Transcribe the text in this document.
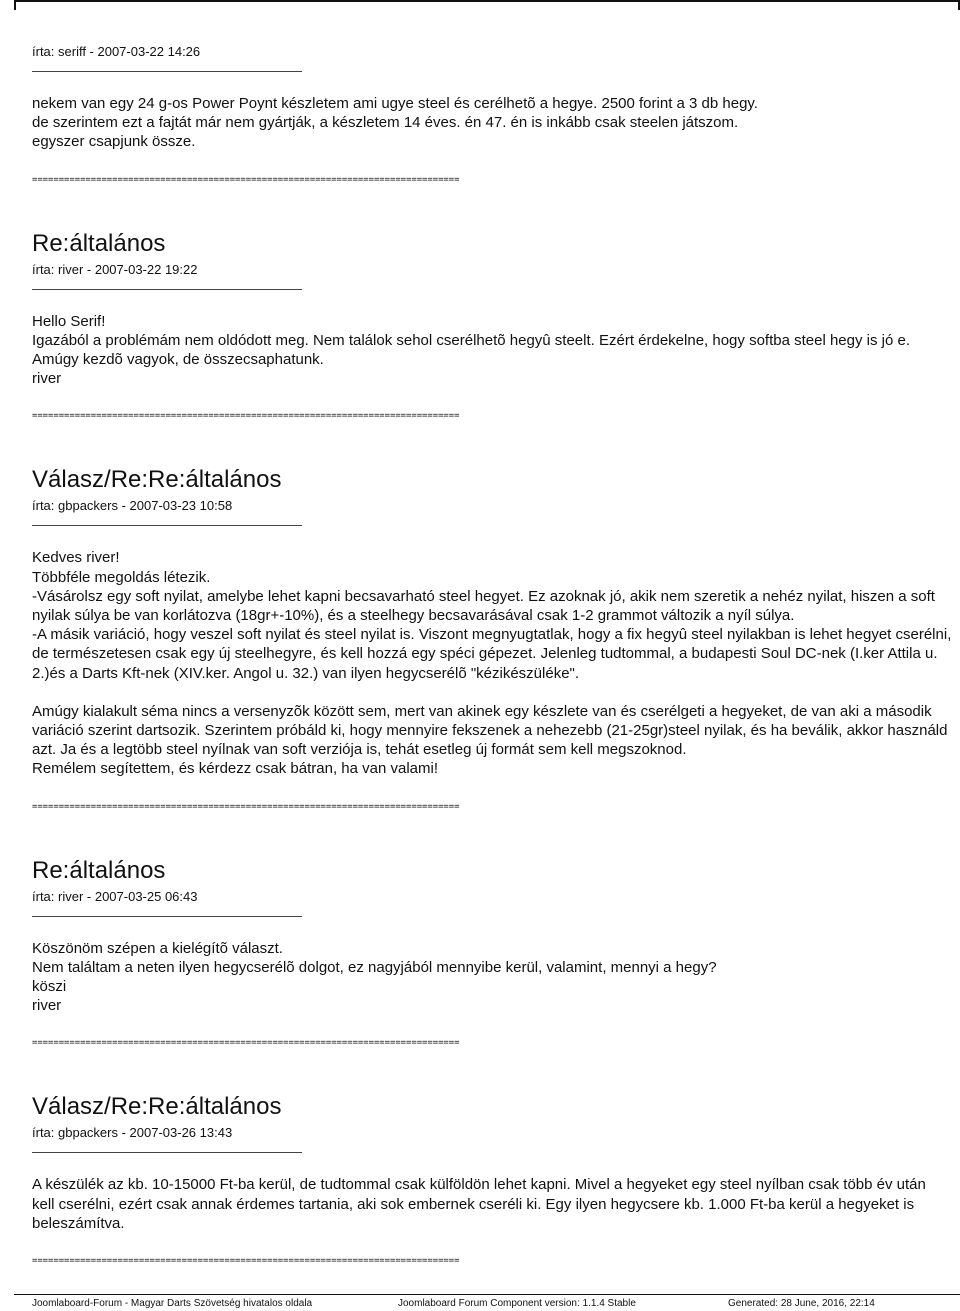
írta: seriff - 2007-03-22 14:26

nekem van egy 24 g-os Power Poynt készletem ami ugye steel és cerélhetõ a hegye. 2500 forint a 3 db hegy.

de szerintem ezt a fajtát már nem gyártják, a készletem 14 éves. én 47. én is inkább csak steelen játszom.

egyszer csapjunk össze.

================================================================================
Re:általános
írta: river - 2007-03-22 19:22

Hello Serif!

Igazából a problémám nem oldódott meg. Nem találok sehol cserélhetõ hegyû steelt. Ezért érdekelne, hogy softba steel hegy is jó e.

Amúgy kezdõ vagyok, de összecsaphatunk.

river

================================================================================
Válasz/Re:Re:általános
írta: gbpackers - 2007-03-23 10:58

Kedves river!

Többféle megoldás létezik.

-Vásárolsz egy soft nyilat, amelybe lehet kapni becsavarható steel hegyet. Ez azoknak jó, akik nem szeretik a nehéz nyilat, hiszen a soft nyilak súlya be van korlátozva (18gr+-10%), és a steelhegy becsavarásával csak 1-2 grammot változik a nyíl súlya.

-A másik variáció, hogy veszel soft nyilat és steel nyilat is. Viszont megnyugtatlak, hogy a fix hegyû steel nyilakban is lehet hegyet cserélni, de természetesen csak egy új steelhegyre, és kell hozzá egy spéci gépezet. Jelenleg tudtommal, a budapesti Soul DC-nek (I.ker Attila u. 2.)és a Darts Kft-nek (XIV.ker. Angol u. 32.) van ilyen hegycserélõ "kézikészüléke".

Amúgy kialakult séma nincs a versenyzõk között sem, mert van akinek egy készlete van és cserélgeti a hegyeket, de van aki a második variáció szerint dartsozik. Szerintem próbáld ki, hogy mennyire fekszenek a nehezebb (21-25gr)steel nyilak, és ha beválik, akkor használd azt. Ja és a legtöbb steel nyílnak van soft verziója is, tehát esetleg új formát sem kell megszoknod.

Remélem segítettem, és kérdezz csak bátran, ha van valami!

================================================================================
Re:általános
írta: river - 2007-03-25 06:43

Köszönöm szépen a kielégítõ választ.

Nem találtam a neten ilyen hegycserélõ dolgot, ez nagyjából mennyibe kerül, valamint, mennyi a hegy?

köszi

river

================================================================================
Válasz/Re:Re:általános
írta: gbpackers - 2007-03-26 13:43

A készülék az kb. 10-15000 Ft-ba kerül, de tudtommal csak külföldön lehet kapni. Mivel a hegyeket egy steel nyílban csak több év után kell cserélni, ezért csak annak érdemes tartania, aki sok embernek cseréli ki. Egy ilyen hegycsere kb. 1.000 Ft-ba kerül a hegyeket is beleszámítva.

================================================================================
Joomlaboard-Forum - Magyar Darts Szövetség hivatalos oldala	Joomlaboard Forum Component version: 1.1.4 Stable	Generated: 28 June, 2016, 22:14
